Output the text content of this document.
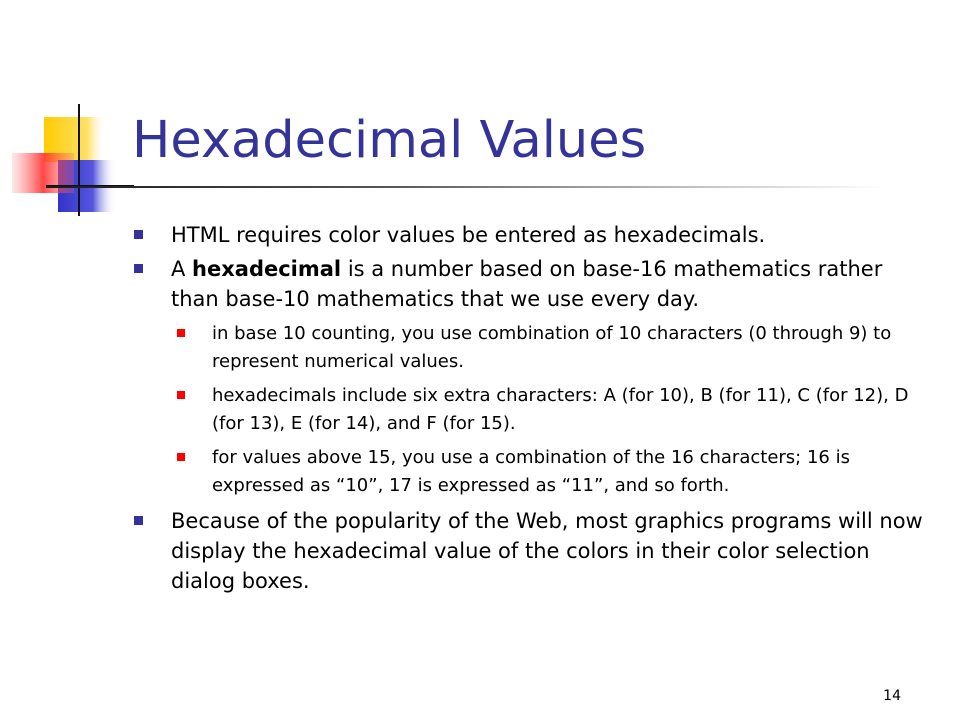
Hexadecimal Values
HTML requires color values be entered as hexadecimals.
A hexadecimal is a number based on base-16 mathematics rather than base-10 mathematics that we use every day.
in base 10 counting, you use combination of 10 characters (0 through 9) to represent numerical values.
hexadecimals include six extra characters: A (for 10), B (for 11), C (for 12), D (for 13), E (for 14), and F (for 15).
for values above 15, you use a combination of the 16 characters; 16 is expressed as “10”, 17 is expressed as “11”, and so forth.
Because of the popularity of the Web, most graphics programs will now display the hexadecimal value of the colors in their color selection dialog boxes.
14
